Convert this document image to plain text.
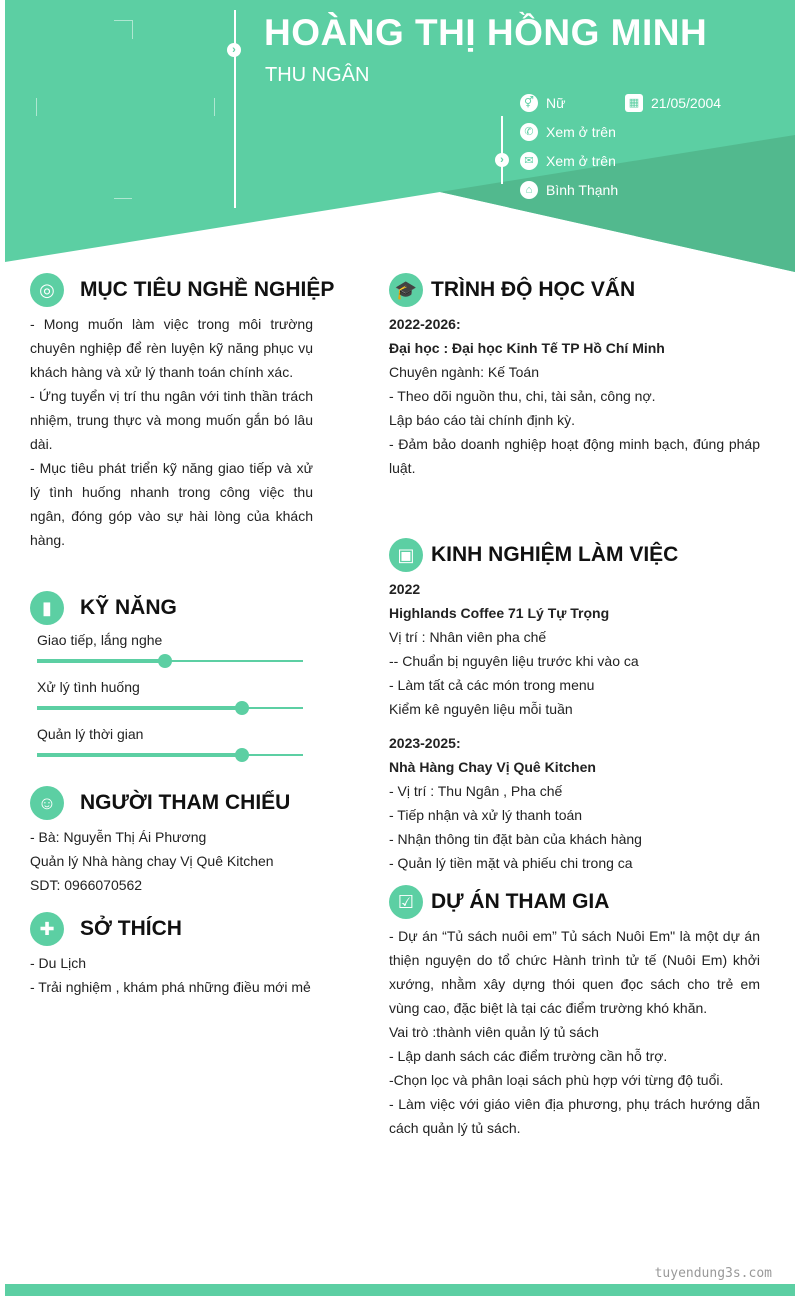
›
›
HOÀNG THỊ HỒNG MINH
THU NGÂN
⚥ Nữ	▦ 21/05/2004
✆ Xem ở trên
✉ Xem ở trên
⌂ Bình Thạnh
◎	MỤC TIÊU NGHỀ NGHIỆP

- Mong muốn làm việc trong môi trường chuyên nghiệp để rèn luyện kỹ năng phục vụ khách hàng và xử lý thanh toán chính xác.

- Ứng tuyển vị trí thu ngân với tinh thần trách nhiệm, trung thực và mong muốn gắn bó lâu dài.

- Mục tiêu phát triển kỹ năng giao tiếp và xử lý tình huống nhanh trong công việc thu ngân, đóng góp vào sự hài lòng của khách hàng.

▮	KỸ NĂNG
Giao tiếp, lắng nghe
Xử lý tình huống
Quản lý thời gian
☺	NGƯỜI THAM CHIẾU

- Bà: Nguyễn Thị Ái Phương

Quản lý Nhà hàng chay Vị Quê Kitchen

SDT: 0966070562

✚	SỞ THÍCH

- Du Lịch

- Trải nghiệm , khám phá những điều mới mẻ

🎓 TRÌNH ĐỘ HỌC VẤN

2022-2026:

Đại học : Đại học Kinh Tế TP Hồ Chí Minh

Chuyên ngành: Kế Toán

- Theo dõi nguồn thu, chi, tài sản, công nợ.

Lập báo cáo tài chính định kỳ.

- Đảm bảo doanh nghiệp hoạt động minh bạch, đúng pháp luật.

▣ KINH NGHIỆM LÀM VIỆC

2022

Highlands Coffee 71 Lý Tự Trọng

Vị trí : Nhân viên pha chế

-- Chuẩn bị nguyên liệu trước khi vào ca

- Làm tất cả các món trong menu

Kiểm kê nguyên liệu mỗi tuần

2023-2025:

Nhà Hàng Chay Vị Quê Kitchen

- Vị trí : Thu Ngân , Pha chế

- Tiếp nhận và xử lý thanh toán

- Nhận thông tin đặt bàn của khách hàng

- Quản lý tiền mặt và phiếu chi trong ca

☑ DỰ ÁN THAM GIA

- Dự án “Tủ sách nuôi em” Tủ sách Nuôi Em" là một dự án thiện nguyện do tổ chức Hành trình tử tế (Nuôi Em) khởi xướng, nhằm xây dựng thói quen đọc sách cho trẻ em vùng cao, đặc biệt là tại các điểm trường khó khăn.

Vai trò :thành viên quản lý tủ sách

- Lập danh sách các điểm trường cần hỗ trợ.

-Chọn lọc và phân loại sách phù hợp với từng độ tuổi.

- Làm việc với giáo viên địa phương, phụ trách hướng dẫn cách quản lý tủ sách.

tuyendung3s.com
